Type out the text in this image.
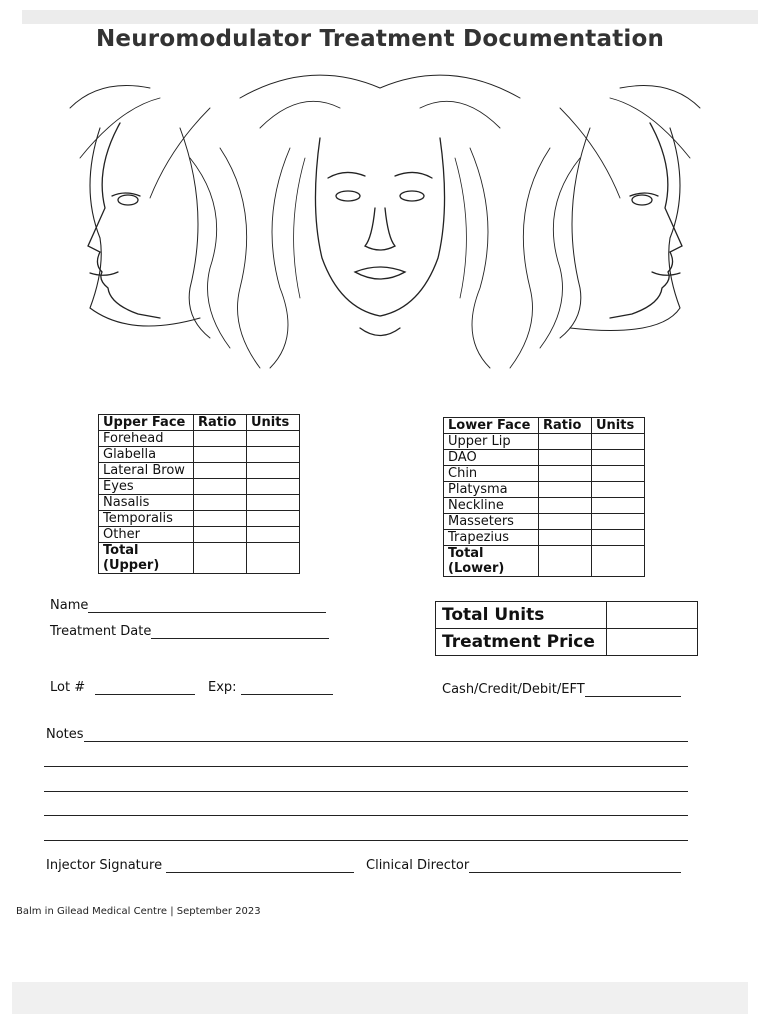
Neuromodulator Treatment Documentation
Upper Face	Ratio	Units
Forehead		
Glabella		
Lateral Brow		
Eyes		
Nasalis		
Temporalis		
Other		
Total (Upper)		
Lower Face	Ratio	Units
Upper Lip		
DAO		
Chin		
Platysma		
Neckline		
Masseters		
Trapezius		
Total (Lower)		
Name
Treatment Date
Total Units	
Treatment Price	
Lot #	Exp:	Cash/Credit/Debit/EFT
Notes
Injector Signature	Clinical Director
Balm in Gilead Medical Centre | September 2023
